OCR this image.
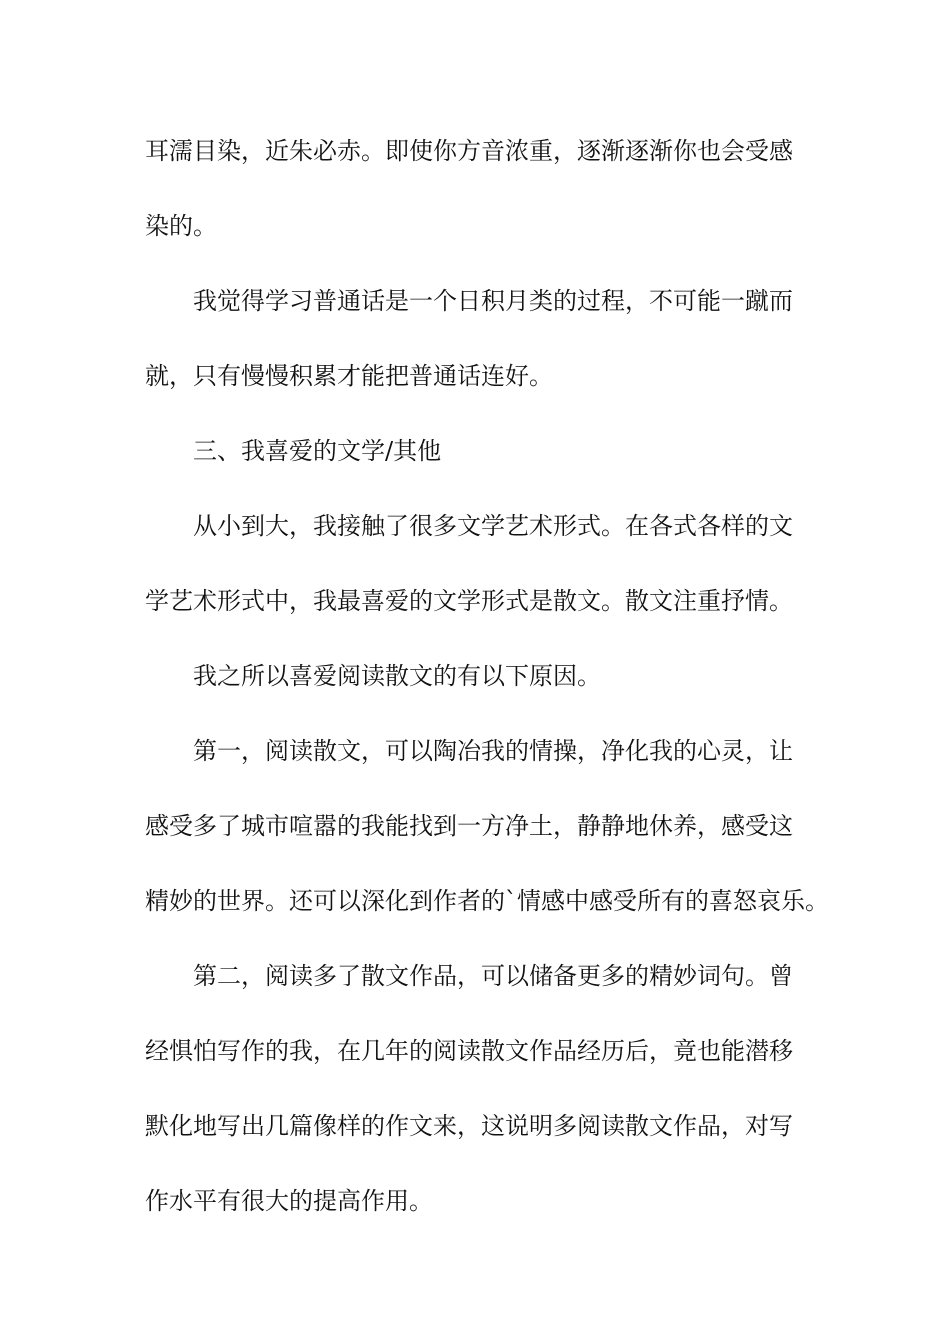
耳濡目染，近朱必赤。即使你方音浓重，逐渐逐渐你也会受感
染的。
我觉得学习普通话是一个日积月类的过程，不可能一蹴而
就，只有慢慢积累才能把普通话连好。
三、我喜爱的文学/其他
从小到大，我接触了很多文学艺术形式。在各式各样的文
学艺术形式中，我最喜爱的文学形式是散文。散文注重抒情。
我之所以喜爱阅读散文的有以下原因。
第一，阅读散文，可以陶冶我的情操，净化我的心灵，让
感受多了城市喧嚣的我能找到一方净土，静静地休养，感受这
精妙的世界。还可以深化到作者的`情感中感受所有的喜怒哀乐。
第二，阅读多了散文作品，可以储备更多的精妙词句。曾
经惧怕写作的我，在几年的阅读散文作品经历后，竟也能潜移
默化地写出几篇像样的作文来，这说明多阅读散文作品，对写
作水平有很大的提高作用。
